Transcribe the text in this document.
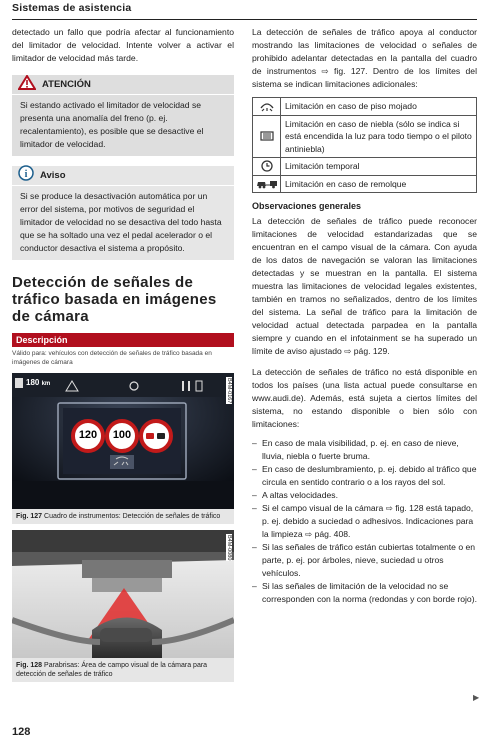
Sistemas de asistencia
detectado un fallo que podría afectar al funcionamiento del limitador de velocidad. Intente volver a activar el limitador de velocidad más tarde.
ATENCIÓN
Si estando activado el limitador de velocidad se presenta una anomalía del freno (p. ej. recalentamiento), es posible que se desactive el limitador de velocidad.
i Aviso
Si se produce la desactivación automática por un error del sistema, por motivos de seguridad el limitador de velocidad no se desactiva del todo hasta que se ha soltado una vez el pedal acelerador o el conductor desactiva el sistema a propósito.
Detección de señales de tráfico basada en imágenes de cámara
Descripción
Válido para: vehículos con detección de señales de tráfico basada en imágenes de cámara
180 km
120 100
B4M-0167
Fig. 127 Cuadro de instrumentos: Detección de señales de tráfico
B4M-0080
Fig. 128 Parabrisas: Área de campo visual de la cámara para detección de señales de tráfico
La detección de señales de tráfico apoya al conductor mostrando las limitaciones de velocidad o señales de prohibido adelantar detectadas en la pantalla del cuadro de instrumentos ⇨ fig. 127. Dentro de los límites del sistema se indican limitaciones adicionales:
Limitación en caso de piso mojado
Limitación en caso de niebla (sólo se indica si está encendida la luz para todo tiempo o el piloto antiniebla)
Limitación temporal
Limitación en caso de remolque
Observaciones generales
La detección de señales de tráfico puede reconocer limitaciones de velocidad estandarizadas que se encuentran en el campo visual de la cámara. Con ayuda de los datos de navegación se valoran las limitaciones detectadas y se muestran en la pantalla. El sistema muestra las limitaciones de velocidad legales existentes, también en tramos no señalizados, dentro de los límites del sistema. La señal de tráfico para la limitación de velocidad actual detectada parpadea en la pantalla siempre y cuando en el infotainment se ha superado un límite de aviso ajustado ⇨ pág. 129.
La detección de señales de tráfico no está disponible en todos los países (una lista actual puede consultarse en www.audi.de). Además, está sujeta a ciertos límites del sistema, no estando disponible o bien sólo con limitaciones:
– En caso de mala visibilidad, p. ej. en caso de nieve, lluvia, niebla o fuerte bruma.
– En caso de deslumbramiento, p. ej. debido al tráfico que circula en sentido contrario o a los rayos del sol.
– A altas velocidades.
– Si el campo visual de la cámara ⇨ fig. 128 está tapado, p. ej. debido a suciedad o adhesivos. Indicaciones para la limpieza ⇨ pág. 408.
– Si las señales de tráfico están cubiertas totalmente o en parte, p. ej. por árboles, nieve, suciedad u otros vehículos.
– Si las señales de limitación de la velocidad no se corresponden con la norma (redondas y con borde rojo).
▶
128
